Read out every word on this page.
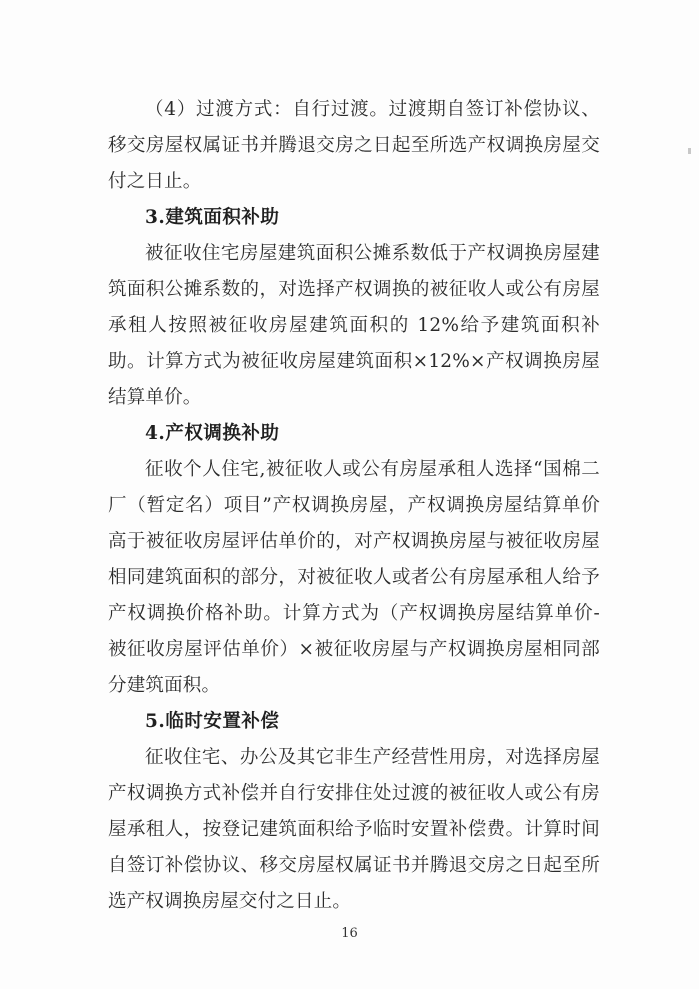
（4）过渡方式：自行过渡。过渡期自签订补偿协议、移交房屋权属证书并腾退交房之日起至所选产权调换房屋交付之日止。

3.建筑面积补助

被征收住宅房屋建筑面积公摊系数低于产权调换房屋建筑面积公摊系数的，对选择产权调换的被征收人或公有房屋承租人按照被征收房屋建筑面积的 12%给予建筑面积补助。计算方式为被征收房屋建筑面积×12%×产权调换房屋结算单价。

4.产权调换补助

征收个人住宅,被征收人或公有房屋承租人选择“国棉二厂（暂定名）项目”产权调换房屋，产权调换房屋结算单价高于被征收房屋评估单价的，对产权调换房屋与被征收房屋相同建筑面积的部分，对被征收人或者公有房屋承租人给予产权调换价格补助。计算方式为（产权调换房屋结算单价-被征收房屋评估单价）×被征收房屋与产权调换房屋相同部分建筑面积。

5.临时安置补偿

征收住宅、办公及其它非生产经营性用房，对选择房屋产权调换方式补偿并自行安排住处过渡的被征收人或公有房屋承租人，按登记建筑面积给予临时安置补偿费。计算时间自签订补偿协议、移交房屋权属证书并腾退交房之日起至所选产权调换房屋交付之日止。

16
